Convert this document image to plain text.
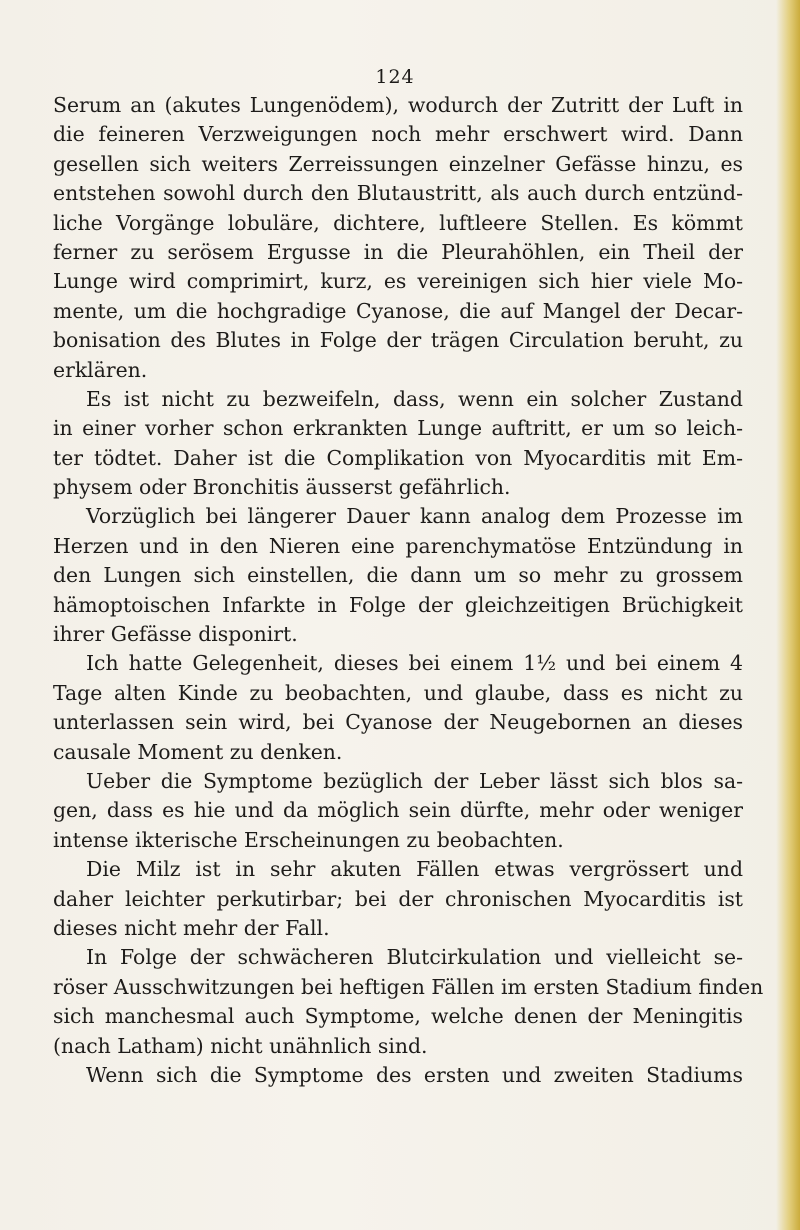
124
Serum an (akutes Lungenödem), wodurch der Zutritt der Luft in
die feineren Verzweigungen noch mehr erschwert wird. Dann
gesellen sich weiters Zerreissungen einzelner Gefässe hinzu, es
entstehen sowohl durch den Blutaustritt, als auch durch entzünd-
liche Vorgänge lobuläre, dichtere, luftleere Stellen. Es kömmt
ferner zu serösem Ergusse in die Pleurahöhlen, ein Theil der
Lunge wird comprimirt, kurz, es vereinigen sich hier viele Mo-
mente, um die hochgradige Cyanose, die auf Mangel der Decar-
bonisation des Blutes in Folge der trägen Circulation beruht, zu
erklären.
Es ist nicht zu bezweifeln, dass, wenn ein solcher Zustand
in einer vorher schon erkrankten Lunge auftritt, er um so leich-
ter tödtet. Daher ist die Complikation von Myocarditis mit Em-
physem oder Bronchitis äusserst gefährlich.
Vorzüglich bei längerer Dauer kann analog dem Prozesse im
Herzen und in den Nieren eine parenchymatöse Entzündung in
den Lungen sich einstellen, die dann um so mehr zu grossem
hämoptoischen Infarkte in Folge der gleichzeitigen Brüchigkeit
ihrer Gefässe disponirt.
Ich hatte Gelegenheit, dieses bei einem 1½ und bei einem 4
Tage alten Kinde zu beobachten, und glaube, dass es nicht zu
unterlassen sein wird, bei Cyanose der Neugebornen an dieses
causale Moment zu denken.
Ueber die Symptome bezüglich der Leber lässt sich blos sa-
gen, dass es hie und da möglich sein dürfte, mehr oder weniger
intense ikterische Erscheinungen zu beobachten.
Die Milz ist in sehr akuten Fällen etwas vergrössert und
daher leichter perkutirbar; bei der chronischen Myocarditis ist
dieses nicht mehr der Fall.
In Folge der schwächeren Blutcirkulation und vielleicht se-
röser Ausschwitzungen bei heftigen Fällen im ersten Stadium finden
sich manchesmal auch Symptome, welche denen der Meningitis
(nach Latham) nicht unähnlich sind.
Wenn sich die Symptome des ersten und zweiten Stadiums
